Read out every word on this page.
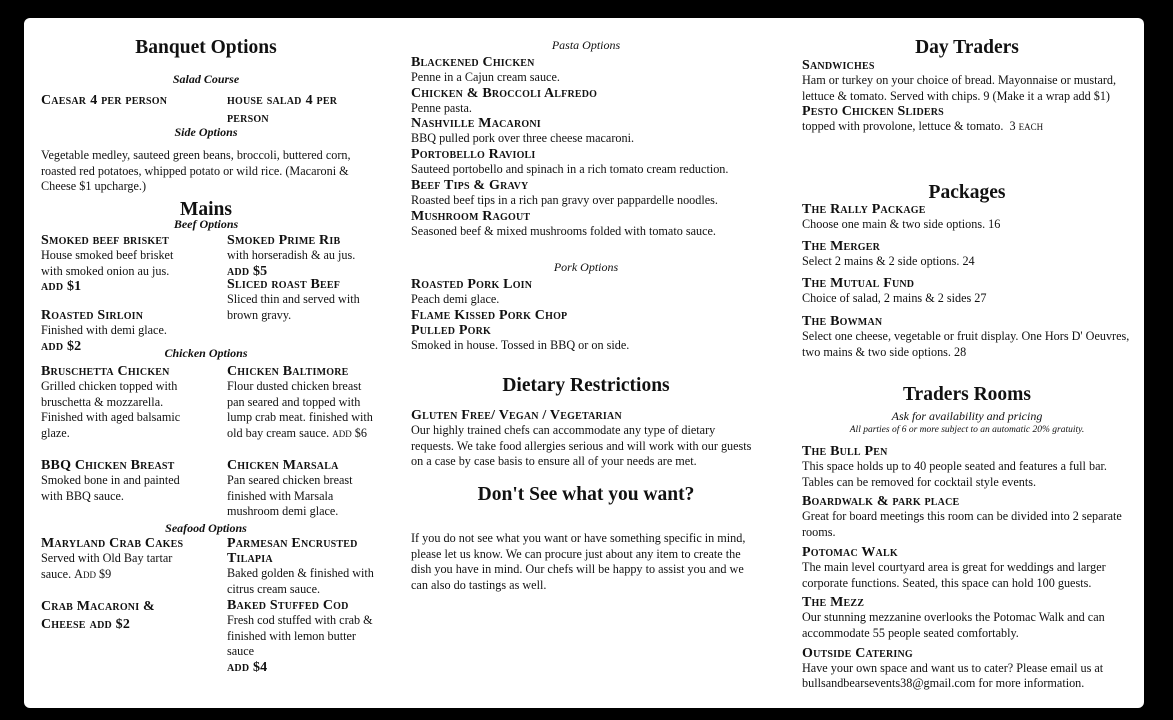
Banquet Options
Salad Course
Caesar 4 per person	house salad 4 per person
Side Options
Vegetable medley, sauteed green beans, broccoli, buttered corn, roasted red potatoes, whipped potato or wild rice. (Macaroni & Cheese $1 upcharge.)
Mains
Beef Options
Smoked beef brisket
House smoked beef brisket with smoked onion au jus.
add $1
Roasted Sirloin
Finished with demi glace.
add $2
Smoked Prime Rib
with horseradish & au jus.
add $5
Sliced roast Beef
Sliced thin and served with brown gravy.
Chicken Options
Bruschetta Chicken
Grilled chicken topped with bruschetta & mozzarella. Finished with aged balsamic glaze.
BBQ Chicken Breast
Smoked bone in and painted with BBQ sauce.
Chicken Baltimore
Flour dusted chicken breast pan seared and topped with lump crab meat. finished with old bay cream sauce. add $6
Chicken Marsala
Pan seared chicken breast finished with Marsala mushroom demi glace.
Seafood Options
Maryland Crab Cakes
Served with Old Bay tartar sauce. Add $9
Crab Macaroni & Cheese add $2
Parmesan Encrusted Tilapia
Baked golden & finished with citrus cream sauce.
Baked Stuffed Cod
Fresh cod stuffed with crab & finished with lemon butter sauce
add $4
Pasta Options
Blackened Chicken
Penne in a Cajun cream sauce.
Chicken & Broccoli Alfredo
Penne pasta.
Nashville Macaroni
BBQ pulled pork over three cheese macaroni.
Portobello Ravioli
Sauteed portobello and spinach in a rich tomato cream reduction.
Beef Tips & Gravy
Roasted beef tips in a rich pan gravy over pappardelle noodles.
Mushroom Ragout
Seasoned beef & mixed mushrooms folded with tomato sauce.
Pork Options
Roasted Pork Loin
Peach demi glace.
Flame Kissed Pork Chop
Pulled Pork
Smoked in house. Tossed in BBQ or on side.
Dietary Restrictions
Gluten Free/ Vegan / Vegetarian
Our highly trained chefs can accommodate any type of dietary requests. We take food allergies serious and will work with our guests on a case by case basis to ensure all of your needs are met.
Don't See what you want?
If you do not see what you want or have something specific in mind, please let us know. We can procure just about any item to create the dish you have in mind. Our chefs will be happy to assist you and we can also do tastings as well.
Day Traders
Sandwiches
Ham or turkey on your choice of bread. Mayonnaise or mustard, lettuce & tomato. Served with chips. 9 (Make it a wrap add $1)
Pesto Chicken Sliders
topped with provolone, lettuce & tomato. 3 each
Packages
The Rally Package
Choose one main & two side options. 16
The Merger
Select 2 mains & 2 side options. 24
The Mutual Fund
Choice of salad, 2 mains & 2 sides 27
The Bowman
Select one cheese, vegetable or fruit display. One Hors D' Oeuvres, two mains & two side options. 28
Traders Rooms
Ask for availability and pricing
All parties of 6 or more subject to an automatic 20% gratuity.
The Bull Pen
This space holds up to 40 people seated and features a full bar. Tables can be removed for cocktail style events.
Boardwalk & park place
Great for board meetings this room can be divided into 2 separate rooms.
Potomac Walk
The main level courtyard area is great for weddings and larger corporate functions. Seated, this space can hold 100 guests.
The Mezz
Our stunning mezzanine overlooks the Potomac Walk and can accommodate 55 people seated comfortably.
Outside Catering
Have your own space and want us to cater? Please email us at bullsandbearsevents38@gmail.com for more information.
